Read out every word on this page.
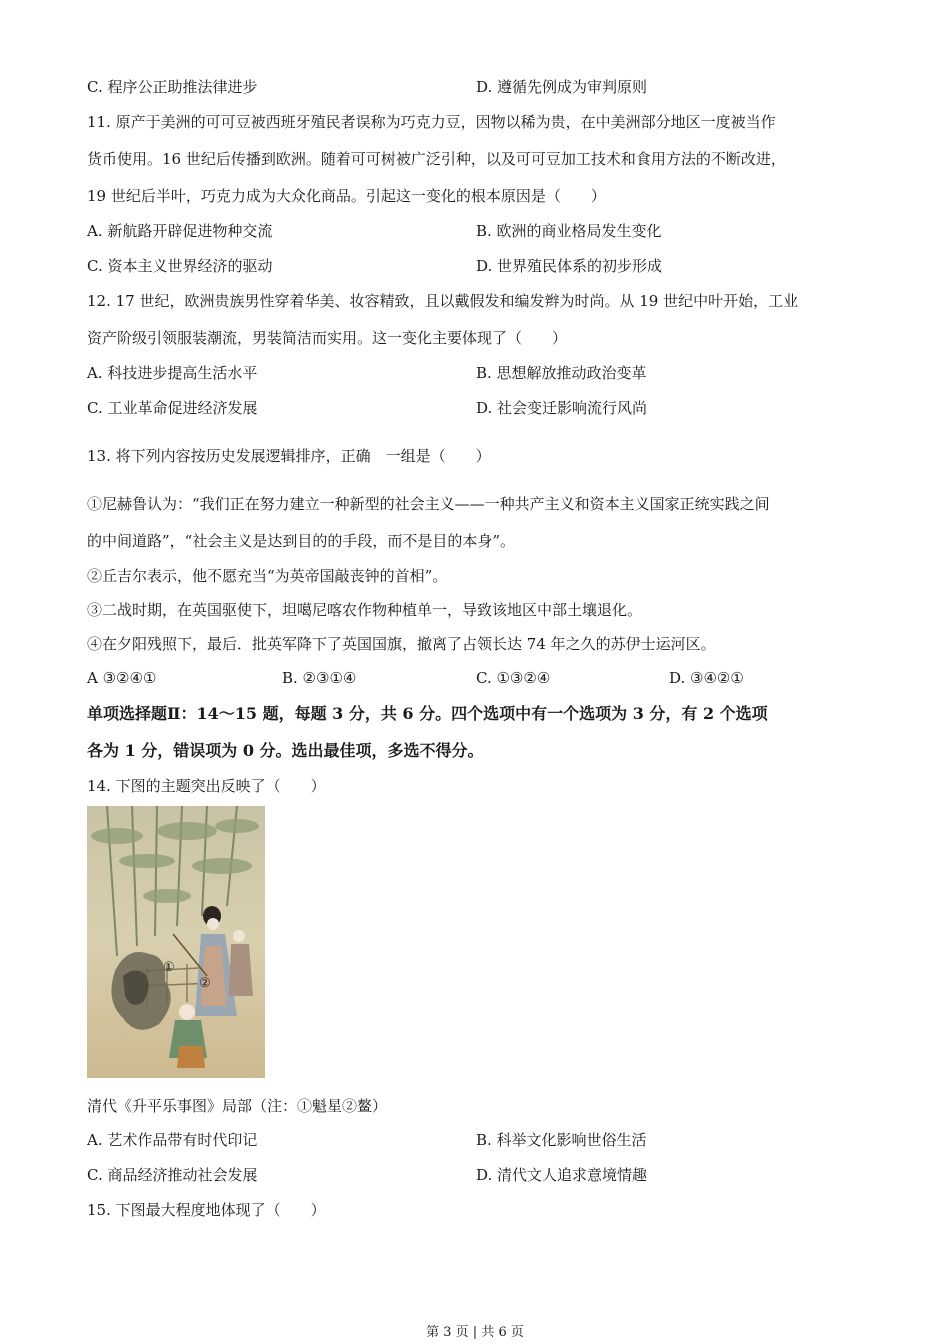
C. 程序公正助推法律进步	D. 遵循先例成为审判原则
11. 原产于美洲的可可豆被西班牙殖民者误称为巧克力豆，因物以稀为贵，在中美洲部分地区一度被当作
货币使用。16 世纪后传播到欧洲。随着可可树被广泛引种，以及可可豆加工技术和食用方法的不断改进，
19 世纪后半叶，巧克力成为大众化商品。引起这一变化的根本原因是（　　）
A. 新航路开辟促进物种交流	B. 欧洲的商业格局发生变化
C. 资本主义世界经济的驱动	D. 世界殖民体系的初步形成
12. 17 世纪，欧洲贵族男性穿着华美、妆容精致，且以戴假发和编发辫为时尚。从 19 世纪中叶开始，工业
资产阶级引领服装潮流，男装简洁而实用。这一变化主要体现了（　　）
A. 科技进步提高生活水平	B. 思想解放推动政治变革
C. 工业革命促进经济发展	D. 社会变迁影响流行风尚
13. 将下列内容按历史发展逻辑排序，正确　一组是（　　）
①尼赫鲁认为：“我们正在努力建立一种新型的社会主义——一种共产主义和资本主义国家正统实践之间
的中间道路”，“社会主义是达到目的的手段，而不是目的本身”。
②丘吉尔表示，他不愿充当“为英帝国敲丧钟的首相”。
③二战时期，在英国驱使下，坦噶尼喀农作物种植单一，导致该地区中部土壤退化。
④在夕阳残照下，最后．批英军降下了英国国旗，撤离了占领长达 74 年之久的苏伊士运河区。
A ③②④①	B. ②③①④	C. ①③②④	D. ③④②①
单项选择题Ⅱ：14～15 题，每题 3 分，共 6 分。四个选项中有一个选项为 3 分，有 2 个选项
各为 1 分，错误项为 0 分。选出最佳项，多选不得分。
14. 下图的主题突出反映了（　　）
①
②
清代《升平乐事图》局部（注：①魁星②鳌）
A. 艺术作品带有时代印记	B. 科举文化影响世俗生活
C. 商品经济推动社会发展	D. 清代文人追求意境情趣
15. 下图最大程度地体现了（　　）
第 3 页 | 共 6 页
